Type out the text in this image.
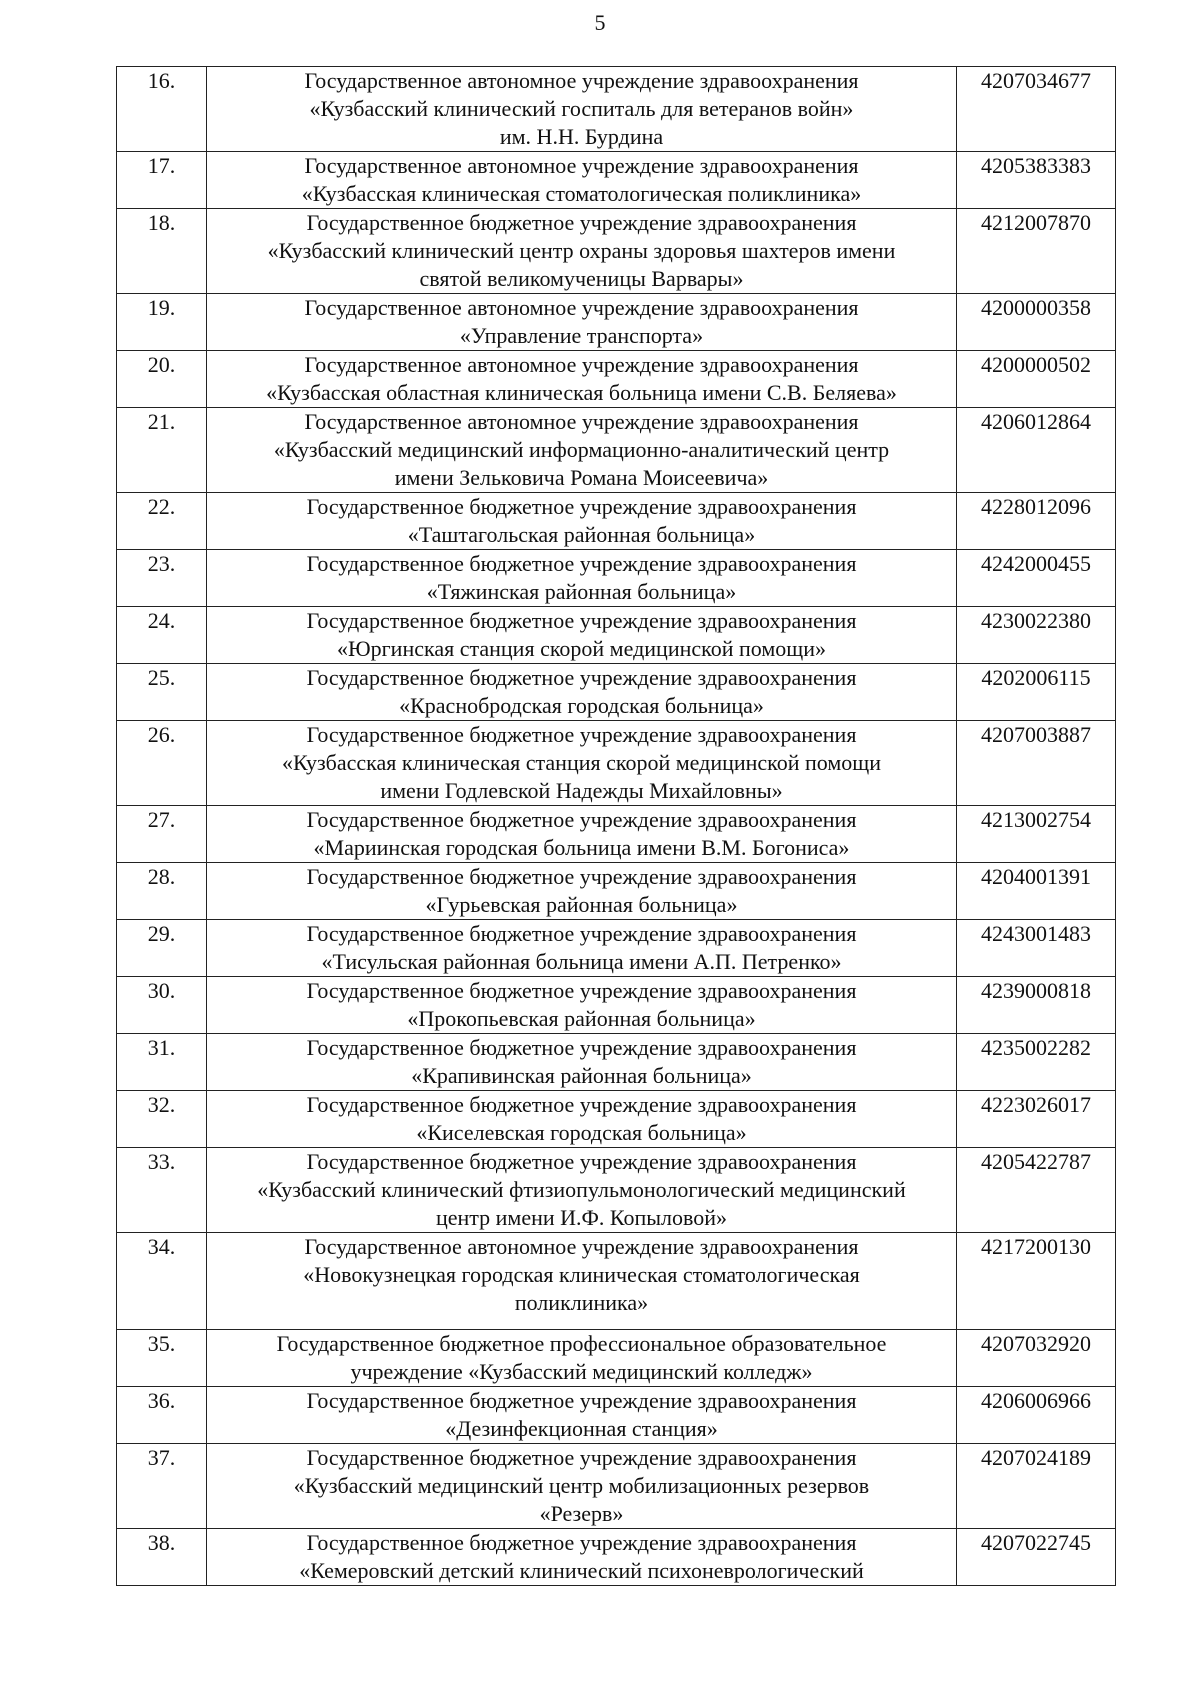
5
16.	Государственное автономное учреждение здравоохранения
«Кузбасский клинический госпиталь для ветеранов войн»
им. Н.Н. Бурдина	4207034677
17.	Государственное автономное учреждение здравоохранения
«Кузбасская клиническая стоматологическая поликлиника»	4205383383
18.	Государственное бюджетное учреждение здравоохранения
«Кузбасский клинический центр охраны здоровья шахтеров имени
святой великомученицы Варвары»	4212007870
19.	Государственное автономное учреждение здравоохранения
«Управление транспорта»	4200000358
20.	Государственное автономное учреждение здравоохранения
«Кузбасская областная клиническая больница имени С.В. Беляева»	4200000502
21.	Государственное автономное учреждение здравоохранения
«Кузбасский медицинский информационно-аналитический центр
имени Зельковича Романа Моисеевича»	4206012864
22.	Государственное бюджетное учреждение здравоохранения
«Таштагольская районная больница»	4228012096
23.	Государственное бюджетное учреждение здравоохранения
«Тяжинская районная больница»	4242000455
24.	Государственное бюджетное учреждение здравоохранения
«Юргинская станция скорой медицинской помощи»	4230022380
25.	Государственное бюджетное учреждение здравоохранения
«Краснобродская городская больница»	4202006115
26.	Государственное бюджетное учреждение здравоохранения
«Кузбасская клиническая станция скорой медицинской помощи
имени Годлевской Надежды Михайловны»	4207003887
27.	Государственное бюджетное учреждение здравоохранения
«Мариинская городская больница имени В.М. Богониса»	4213002754
28.	Государственное бюджетное учреждение здравоохранения
«Гурьевская районная больница»	4204001391
29.	Государственное бюджетное учреждение здравоохранения
«Тисульская районная больница имени А.П. Петренко»	4243001483
30.	Государственное бюджетное учреждение здравоохранения
«Прокопьевская районная больница»	4239000818
31.	Государственное бюджетное учреждение здравоохранения
«Крапивинская районная больница»	4235002282
32.	Государственное бюджетное учреждение здравоохранения
«Киселевская городская больница»	4223026017
33.	Государственное бюджетное учреждение здравоохранения
«Кузбасский клинический фтизиопульмонологический медицинский
центр имени И.Ф. Копыловой»	4205422787
34.	Государственное автономное учреждение здравоохранения
«Новокузнецкая городская клиническая стоматологическая
поликлиника»	4217200130
35.	Государственное бюджетное профессиональное образовательное
учреждение «Кузбасский медицинский колледж»	4207032920
36.	Государственное бюджетное учреждение здравоохранения
«Дезинфекционная станция»	4206006966
37.	Государственное бюджетное учреждение здравоохранения
«Кузбасский медицинский центр мобилизационных резервов
«Резерв»	4207024189
38.	Государственное бюджетное учреждение здравоохранения
«Кемеровский детский клинический психоневрологический	4207022745
